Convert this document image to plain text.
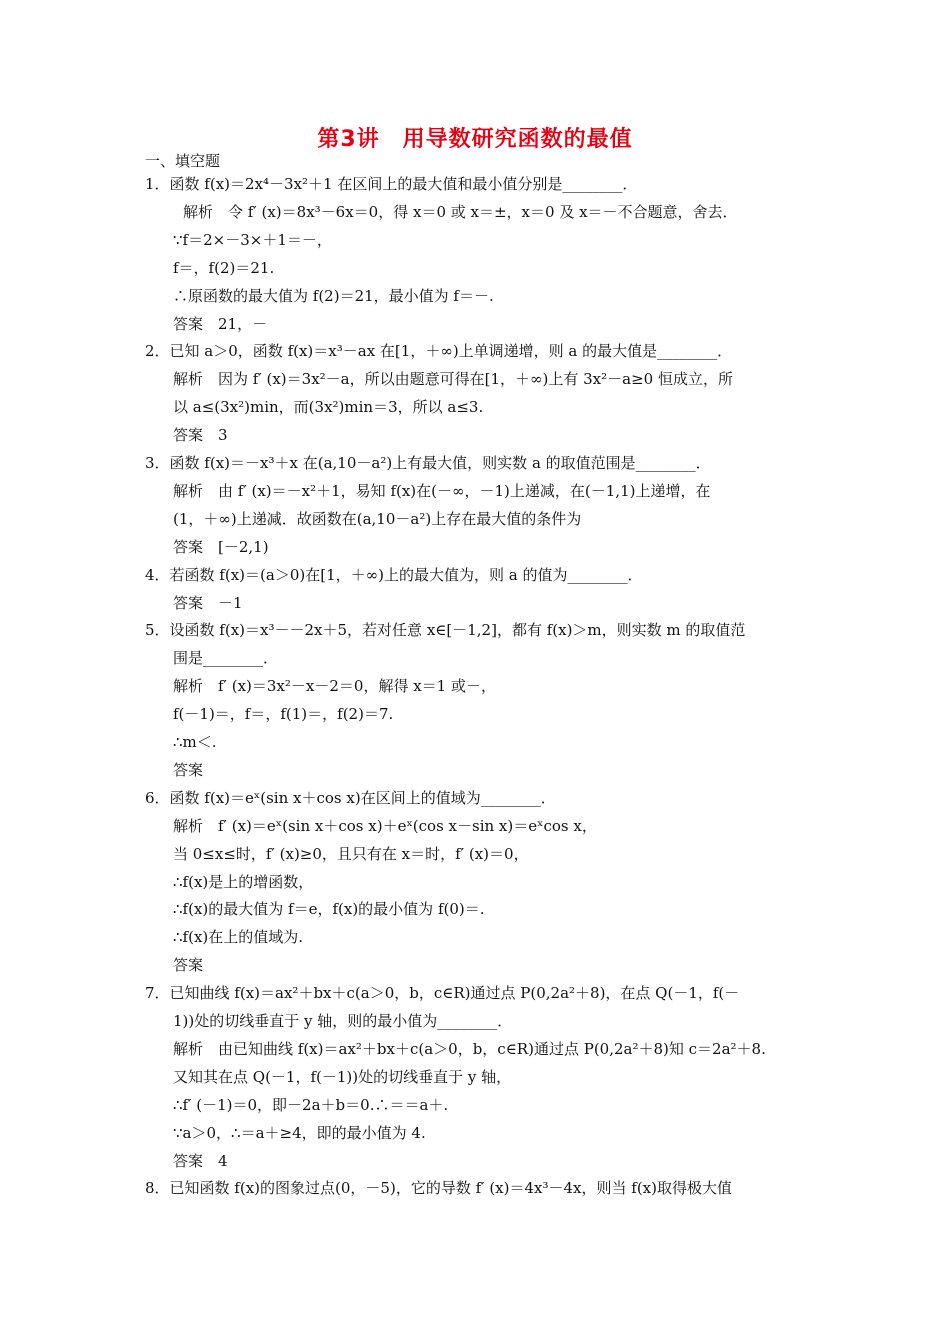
第3讲　用导数研究函数的最值
一、填空题
1．函数 f(x)＝2x⁴－3x²＋1 在区间上的最大值和最小值分别是________．
解析　令 f′ (x)＝8x³－6x＝0，得 x＝0 或 x＝±，x＝0 及 x＝－不合题意，舍去．
∵f＝2×－3×＋1＝－，
f＝，f(2)＝21.
∴原函数的最大值为 f(2)＝21，最小值为 f＝－.
答案　21，－
2．已知 a＞0，函数 f(x)＝x³－ax 在[1，＋∞)上单调递增，则 a 的最大值是________．
解析　因为 f′ (x)＝3x²－a，所以由题意可得在[1，＋∞)上有 3x²－a≥0 恒成立，所
以 a≤(3x²)min，而(3x²)min＝3，所以 a≤3.
答案　3
3．函数 f(x)＝－x³＋x 在(a,10－a²)上有最大值，则实数 a 的取值范围是________．
解析　由 f′ (x)＝－x²＋1，易知 f(x)在(－∞，－1)上递减，在(－1,1)上递增，在
(1，＋∞)上递减．故函数在(a,10－a²)上存在最大值的条件为
答案　[－2,1)
4．若函数 f(x)＝(a＞0)在[1，＋∞)上的最大值为，则 a 的值为________．
答案　－1
5．设函数 f(x)＝x³－－2x＋5，若对任意 x∈[－1,2]，都有 f(x)＞m，则实数 m 的取值范
围是________．
解析　f′ (x)＝3x²－x－2＝0，解得 x＝1 或－，
f(－1)＝，f＝，f(1)＝，f(2)＝7.
∴m＜.
答案
6．函数 f(x)＝eˣ(sin x＋cos x)在区间上的值域为________．
解析　f′ (x)＝eˣ(sin x＋cos x)＋eˣ(cos x－sin x)＝eˣcos x，
当 0≤x≤时，f′ (x)≥0，且只有在 x＝时，f′ (x)＝0，
∴f(x)是上的增函数，
∴f(x)的最大值为 f＝e，f(x)的最小值为 f(0)＝.
∴f(x)在上的值域为.
答案
7．已知曲线 f(x)＝ax²＋bx＋c(a＞0，b，c∈R)通过点 P(0,2a²＋8)，在点 Q(－1，f(－
1))处的切线垂直于 y 轴，则的最小值为________．
解析　由已知曲线 f(x)＝ax²＋bx＋c(a＞0，b，c∈R)通过点 P(0,2a²＋8)知 c＝2a²＋8.
又知其在点 Q(－1，f(－1))处的切线垂直于 y 轴，
∴f′ (－1)＝0，即－2a＋b＝0.∴＝＝a＋.
∵a＞0，∴＝a＋≥4，即的最小值为 4.
答案　4
8．已知函数 f(x)的图象过点(0，－5)，它的导数 f′ (x)＝4x³－4x，则当 f(x)取得极大值
